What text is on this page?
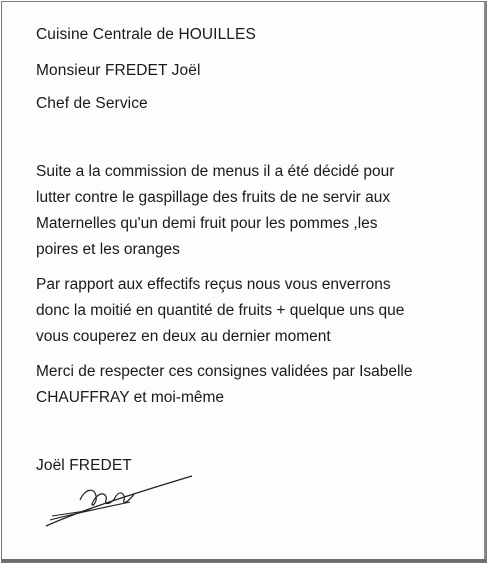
Cuisine Centrale de HOUILLES
Monsieur FREDET Joël
Chef de Service
Suite a la commission de menus il a été décidé pour
lutter contre le gaspillage des fruits de ne servir aux
Maternelles qu'un demi fruit pour les pommes ,les
poires et les oranges
Par rapport aux effectifs reçus nous vous enverrons
donc la moitié en quantité de fruits + quelque uns que
vous couperez en deux au dernier moment
Merci de respecter ces consignes validées par Isabelle
CHAUFFRAY et moi-même
Joël FREDET
